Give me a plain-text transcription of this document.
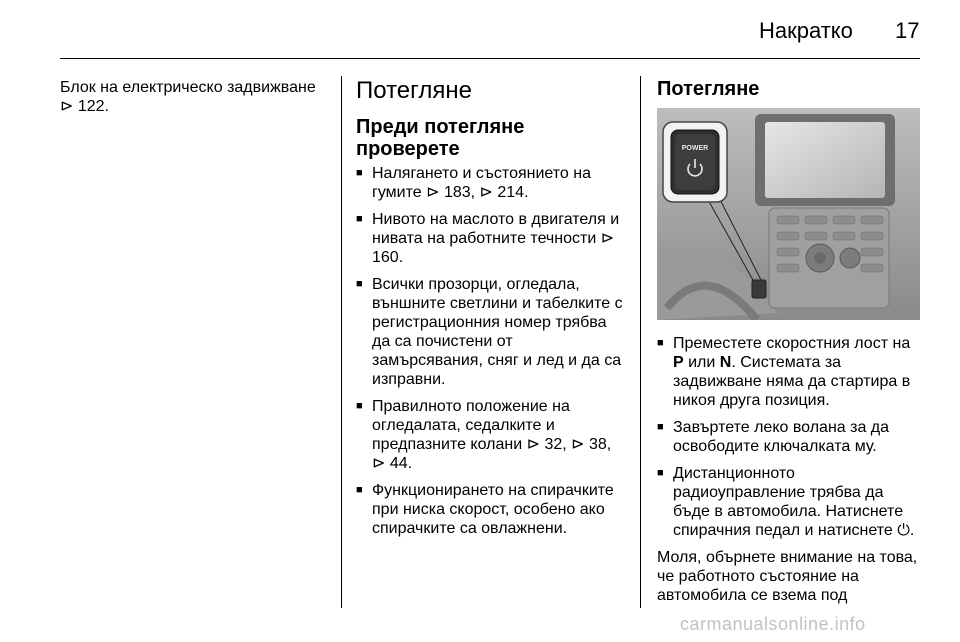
Накратко 17

Блок на електрическо задвижване ⊳ 122.

Потегляне
Преди потегляне проверете
■ Налягането и състоянието на гумите ⊳ 183, ⊳ 214.
■ Нивото на маслото в двигателя и нивата на работните течности ⊳ 160.
■ Всички прозорци, огледала, външните светлини и табелките с регистрационния номер трябва да са почистени от замърсявания, сняг и лед и да са изправни.
■ Правилното положение на огледалата, седалките и предпазните колани ⊳ 32, ⊳ 38, ⊳ 44.
■ Функционирането на спирачките при ниска скорост, особено ако спирачките са овлажнени.
Потегляне
POWER
■ Преместете скоростния лост на P или N. Системата за задвижване няма да стартира в никоя друга позиция.
■ Завъртете леко волана за да освободите ключалката му.
■ Дистанционното радиоуправление трябва да бъде в автомобила. Натиснете спирачния педал и натиснете ⏻.

Моля, обърнете внимание на това, че работното състояние на автомобила се взема под

carmanualsonline.info
